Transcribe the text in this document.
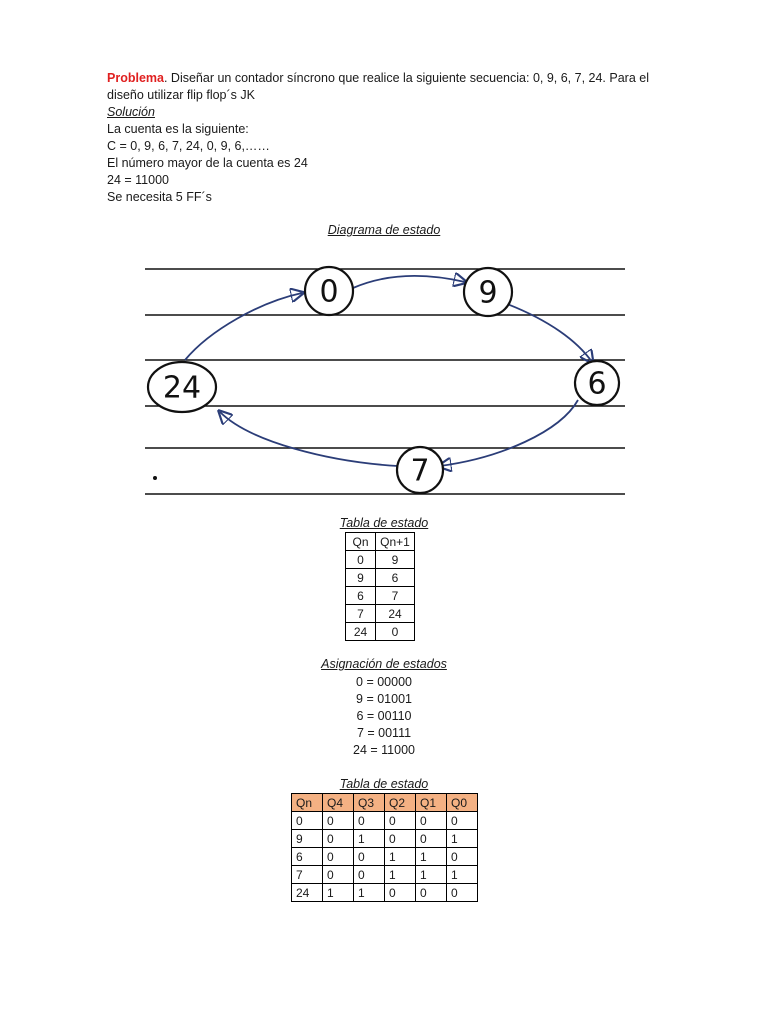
Problema. Diseñar un contador síncrono que realice la siguiente secuencia: 0, 9, 6, 7, 24. Para el diseño utilizar flip flop´s JK

Solución

La cuenta es la siguiente:

C = 0, 9, 6, 7, 24, 0, 9, 6,……

El número mayor de la cuenta es 24

24 = 11000

Se necesita 5 FF´s

Diagrama de estado
0	9
6
7
24
Tabla de estado
Qn	Qn+1
0	9
9	6
6	7
7	24
24	0
Asignación de estados
0 = 00000
9 = 01001
6 = 00110
7 = 00111
24 = 11000
Tabla de estado
Qn	Q4	Q3	Q2	Q1	Q0
0	0	0	0	0	0
9	0	1	0	0	1
6	0	0	1	1	0
7	0	0	1	1	1
24	1	1	0	0	0
